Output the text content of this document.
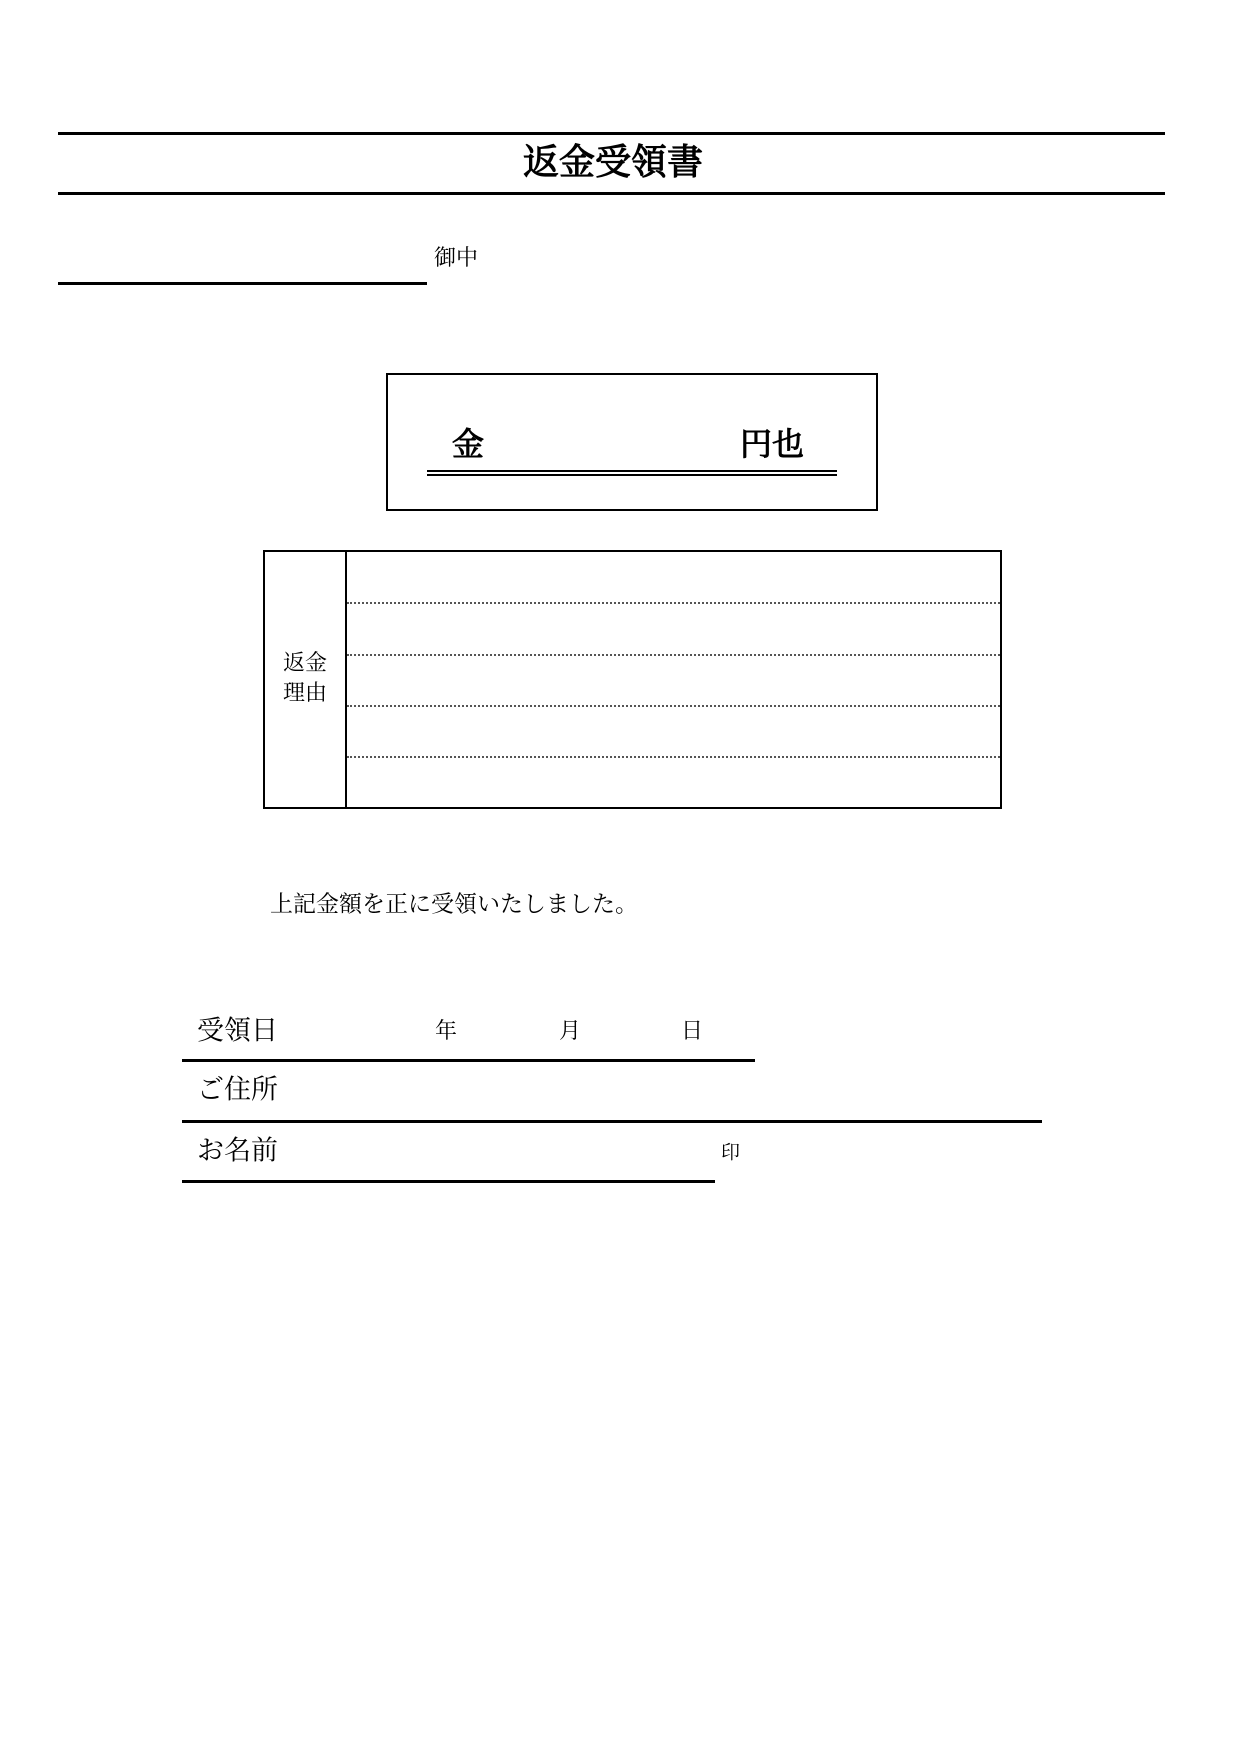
返金受領書
御中
金	円也
返金
理由
上記金額を正に受領いたしました。
受領日	年	月	日
ご住所
お名前	印
